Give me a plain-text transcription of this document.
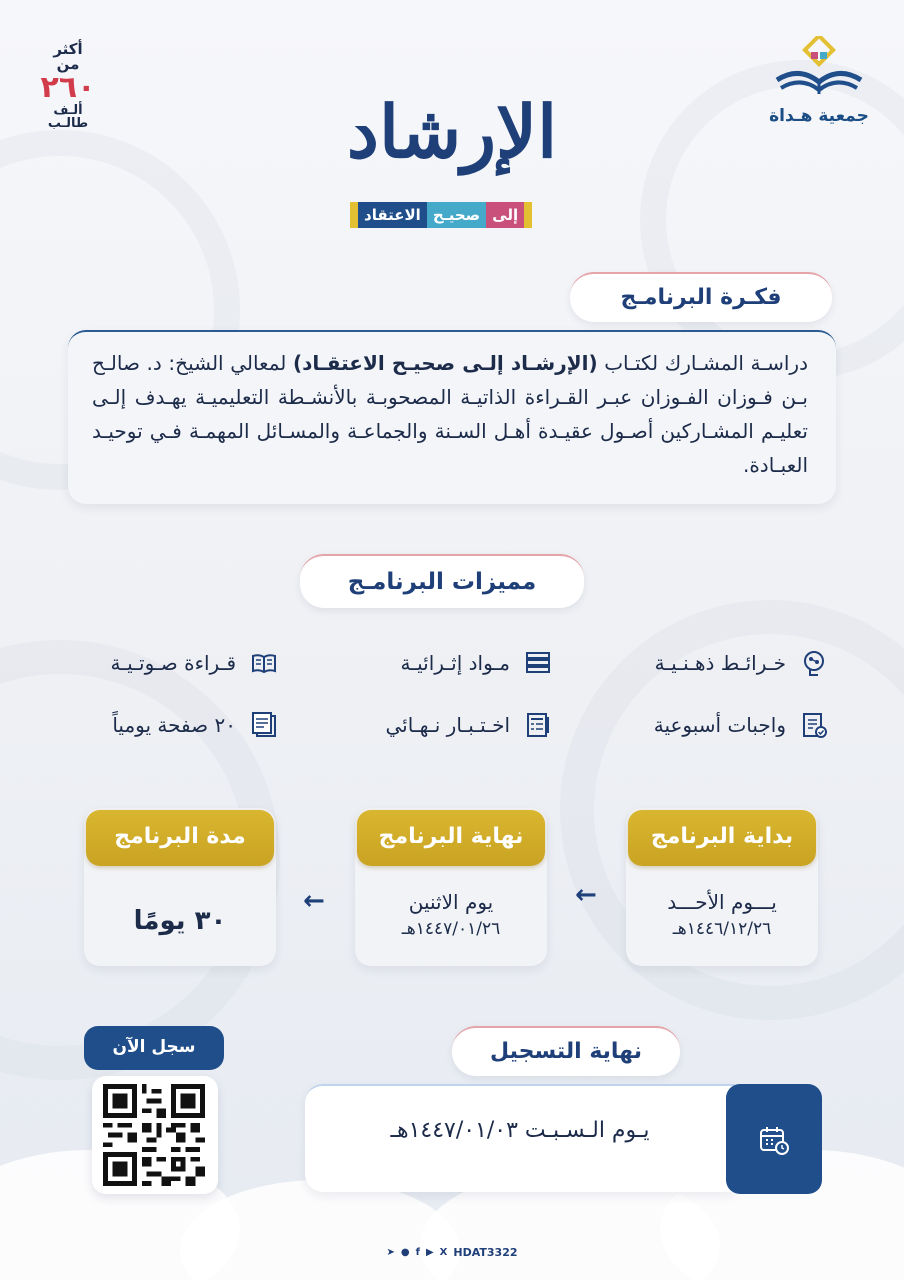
جمعية هـداة
أكثر
من
٢٦٠
ألـف
طالـب	الإرشاد
إلى
صحيـح
الاعتقاد
فكـرة البرنامـج
دراسـة المشـارك لكتـاب (الإرشـاد إلـى صحيـح الاعتقـاد) لمعالي الشيخ: د. صالـح بـن فـوزان الفـوزان عبـر القـراءة الذاتيـة المصحوبـة بالأنشـطة التعليميـة يهـدف إلـى تعليـم المشـاركين أصـول عقيـدة أهـل السـنة والجماعـة والمسـائل المهمـة فـي توحيـد العبـادة.
مميزات البرنامـج
خـرائـط ذهـنـيـة
مـواد إثـرائيـة
قـراءة صـوتـيـة
واجبات أسبوعية
اخـتـبـار نـهـائي
٢٠ صفحة يومياً
بداية البرنامج
يـــوم الأحـــد
١٤٤٦/١٢/٢٦هـ
←
نهاية البرنامج
يوم الاثنين
١٤٤٧/٠١/٢٦هـ
←
مدة البرنامج
٣٠ يومًا
نهاية التسجيل
يـوم الـسـبـت ١٤٤٧/٠١/٠٣هـ
سجل الآن
➤ ● f ▶ X HDAT3322
